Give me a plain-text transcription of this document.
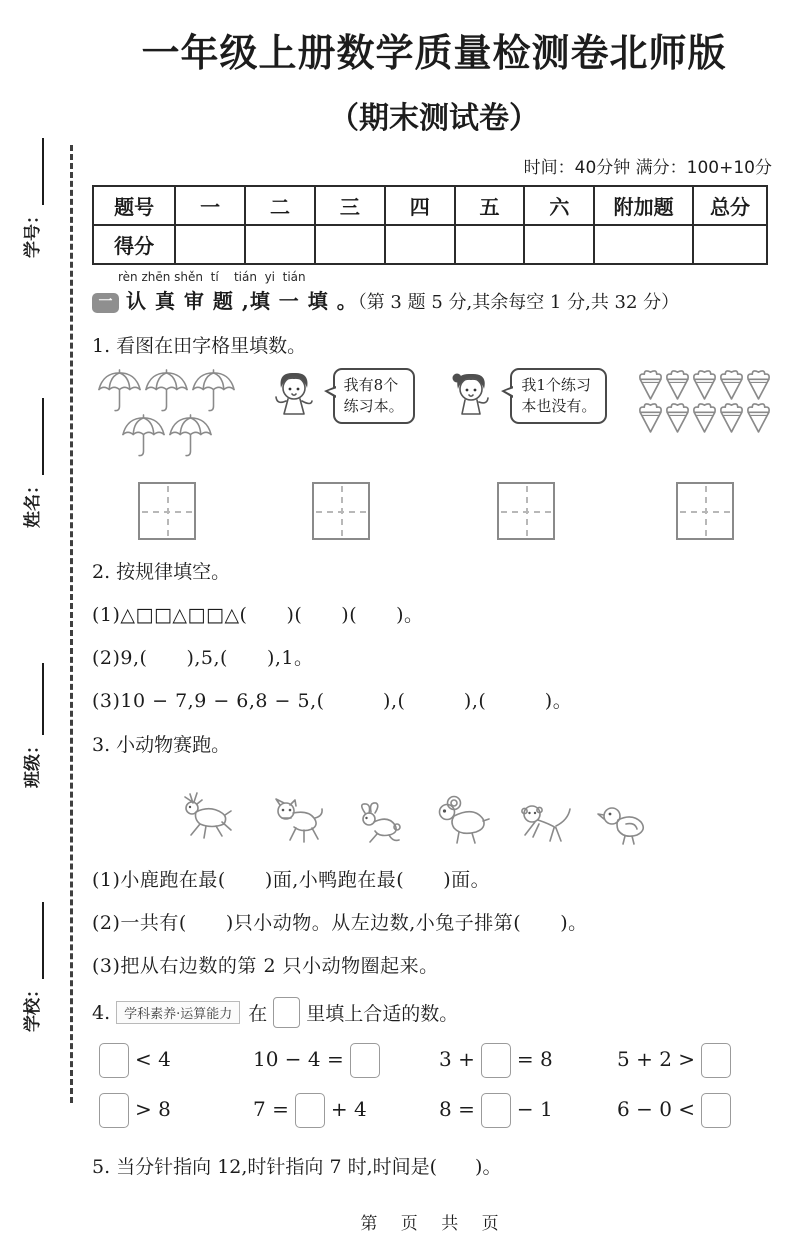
学号：
姓名：
班级：
学校：
一年级上册数学质量检测卷北师版
（期末测试卷）
时间：40分钟 满分：100+10分
题号	一	二	三	四	五	六	附加题	总分
得分								
rèn zhēn shěn  tí    tián  yi  tián
一 认 真 审 题 ,填 一 填 。（第 3 题 5 分,其余每空 1 分,共 32 分）
1. 看图在田字格里填数。
我有8个
练习本。
我1个练习
本也没有。
2. 按规律填空。
(1)△□□△□□△(　　)(　　)(　　)。
(2)9,(　　),5,(　　),1。
(3)10 − 7,9 − 6,8 − 5,(　　　),(　　　),(　　　)。
3. 小动物赛跑。
(1)小鹿跑在最(　　)面,小鸭跑在最(　　)面。
(2)一共有(　　)只小动物。从左边数,小兔子排第(　　)。
(3)把从右边数的第 2 只小动物圈起来。
4.	学科素养·运算能力 在 里填上合适的数。
< 4	10 − 4 =	3 + = 8	5 + 2 >
> 8	7 = + 4	8 = − 1	6 − 0 <
5. 当分针指向 12,时针指向 7 时,时间是(　　)。
第 页 共 页
